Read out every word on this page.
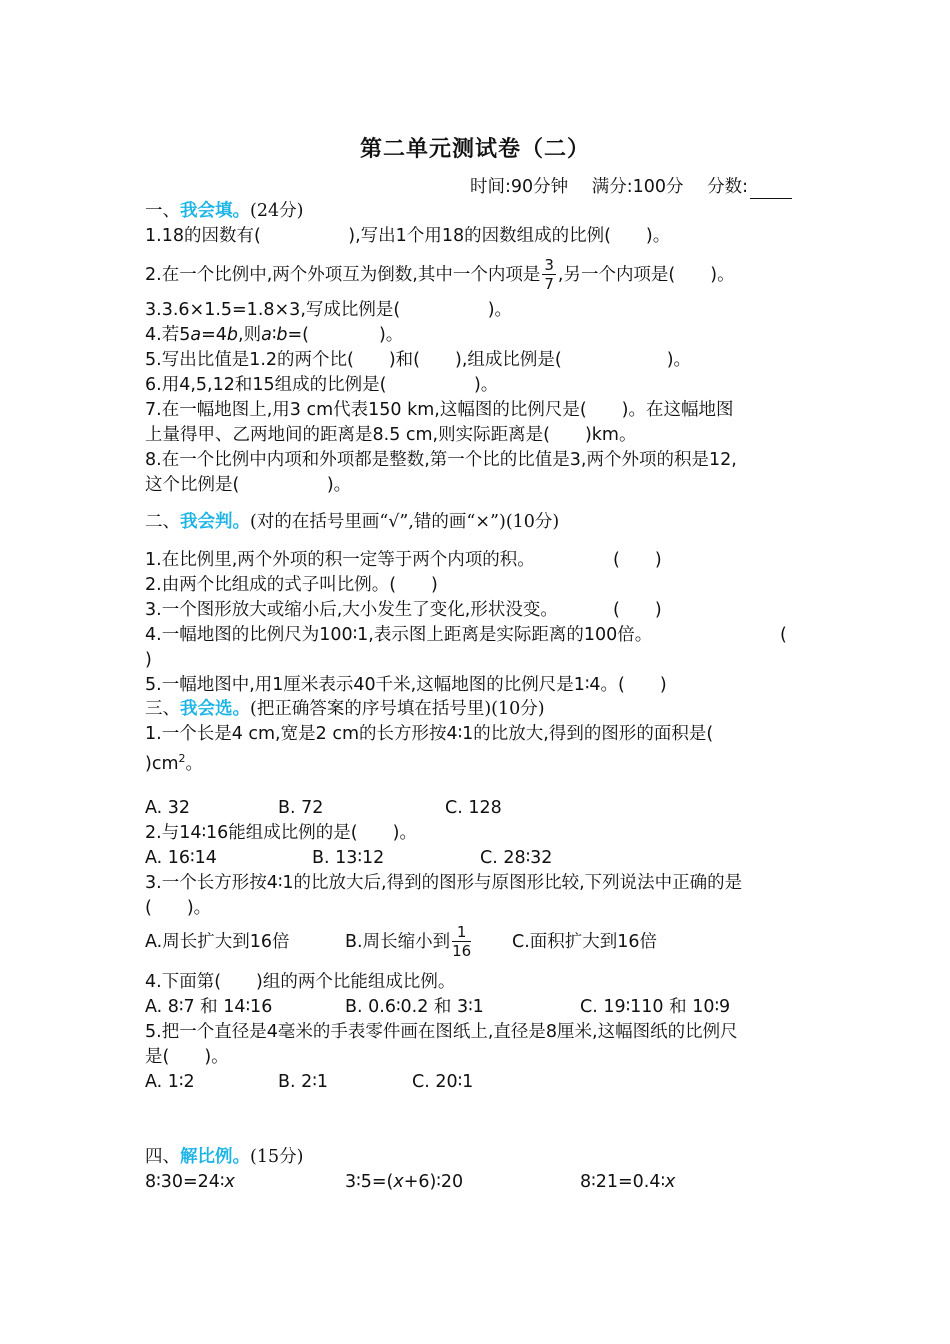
第二单元测试卷（二）
时间:90分钟 满分:100分 分数:
一、我会填。(24分)
1.18的因数有(　　　　　),写出1个用18的因数组成的比例(　　)。
2.在一个比例中,两个外项互为倒数,其中一个内项是 $\frac{3}{7}$ ,另一个内项是(　　)。
3.3.6×1.5=1.8×3,写成比例是(　　　　　)。
4.若5a=4b,则a∶b=(　　　　)。
5.写出比值是1.2的两个比(　　)和(　　),组成比例是(　　　　　　)。
6.用4,5,12和15组成的比例是(　　　　　)。
7.在一幅地图上,用3 cm代表150 km,这幅图的比例尺是(　　)。在这幅地图
上量得甲、乙两地间的距离是8.5 cm,则实际距离是(　　)km。
8.在一个比例中内项和外项都是整数,第一个比的比值是3,两个外项的积是12,
这个比例是(　　　　　)。
二、我会判。(对的在括号里画“√”,错的画“×”)(10分)
1.在比例里,两个外项的积一定等于两个内项的积。	(　　)
2.由两个比组成的式子叫比例。(　　)
3.一个图形放大或缩小后,大小发生了变化,形状没变。	(　　)
4.一幅地图的比例尺为100∶1,表示图上距离是实际距离的100倍。	(
)
5.一幅地图中,用1厘米表示40千米,这幅地图的比例尺是1∶4。(　　)
三、我会选。(把正确答案的序号填在括号里)(10分)
1.一个长是4 cm,宽是2 cm的长方形按4∶1的比放大,得到的图形的面积是(
)$cm^2$。
A. 32	B. 72	C. 128
2.与14∶16能组成比例的是(　　)。
A. 16∶14	B. 13∶12	C. 28∶32
3.一个长方形按4∶1的比放大后,得到的图形与原图形比较,下列说法中正确的是
(　　)。
A.周长扩大到16倍	B.周长缩小到 $\frac{1}{16} C$.面积扩大到16倍
4.下面第(　　)组的两个比能组成比例。
A. 8∶7 和 14∶16	B. 0.6∶0.2 和 3∶1	C. 19∶110 和 10∶9
5.把一个直径是4毫米的手表零件画在图纸上,直径是8厘米,这幅图纸的比例尺
是(　　)。
A. 1∶2	B. 2∶1	C. 20∶1
四、解比例。(15分)
8∶30=24∶x	3∶5=(x+6)∶20	8∶21=0.4∶x
